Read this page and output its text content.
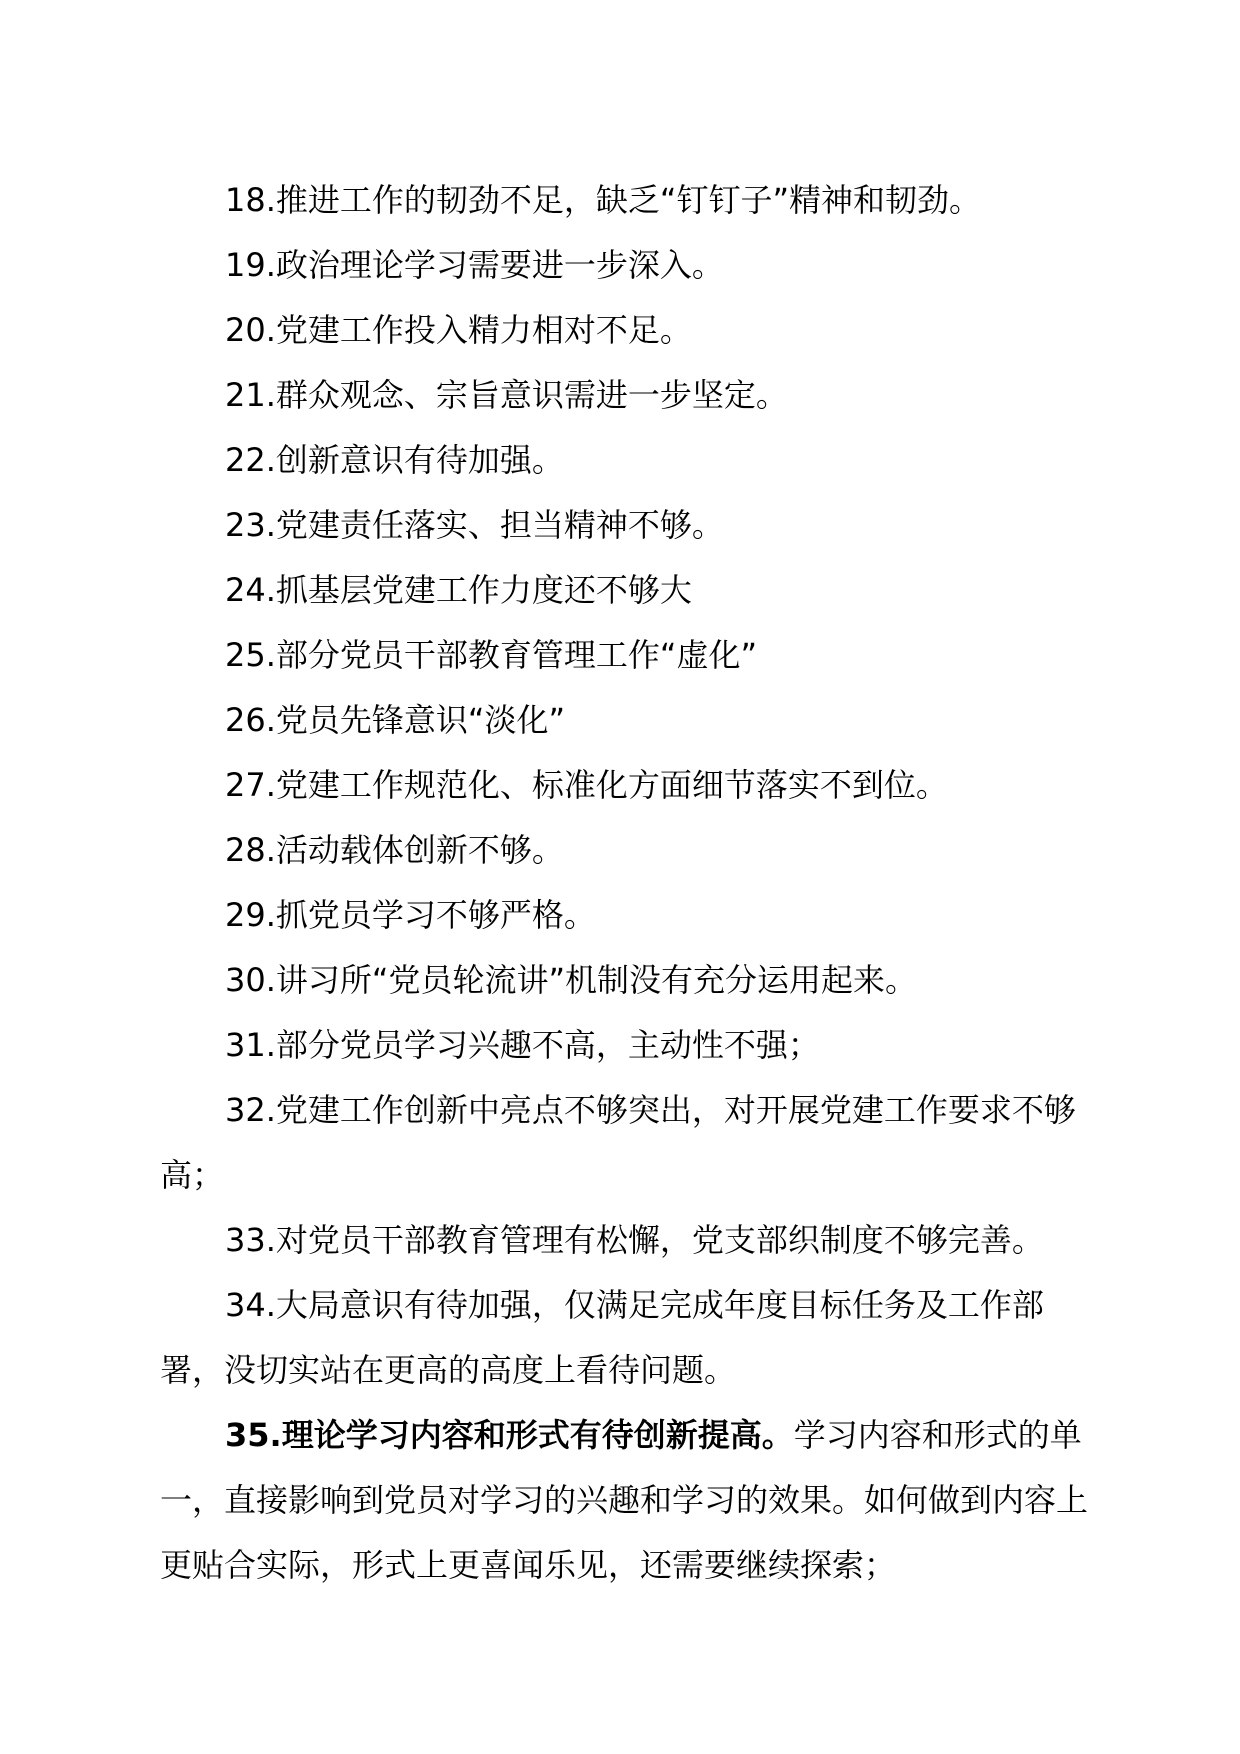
18.推进工作的韧劲不足，缺乏“钉钉子”精神和韧劲。

19.政治理论学习需要进一步深入。

20.党建工作投入精力相对不足。

21.群众观念、宗旨意识需进一步坚定。

22.创新意识有待加强。

23.党建责任落实、担当精神不够。

24.抓基层党建工作力度还不够大

25.部分党员干部教育管理工作“虚化”

26.党员先锋意识“淡化”

27.党建工作规范化、标准化方面细节落实不到位。

28.活动载体创新不够。

29.抓党员学习不够严格。

30.讲习所“党员轮流讲”机制没有充分运用起来。

31.部分党员学习兴趣不高，主动性不强；

32.党建工作创新中亮点不够突出，对开展党建工作要求不够高；

33.对党员干部教育管理有松懈，党支部织制度不够完善。

34.大局意识有待加强，仅满足完成年度目标任务及工作部署，没切实站在更高的高度上看待问题。

35.理论学习内容和形式有待创新提高。学习内容和形式的单一，直接影响到党员对学习的兴趣和学习的效果。如何做到内容上更贴合实际，形式上更喜闻乐见，还需要继续探索；
